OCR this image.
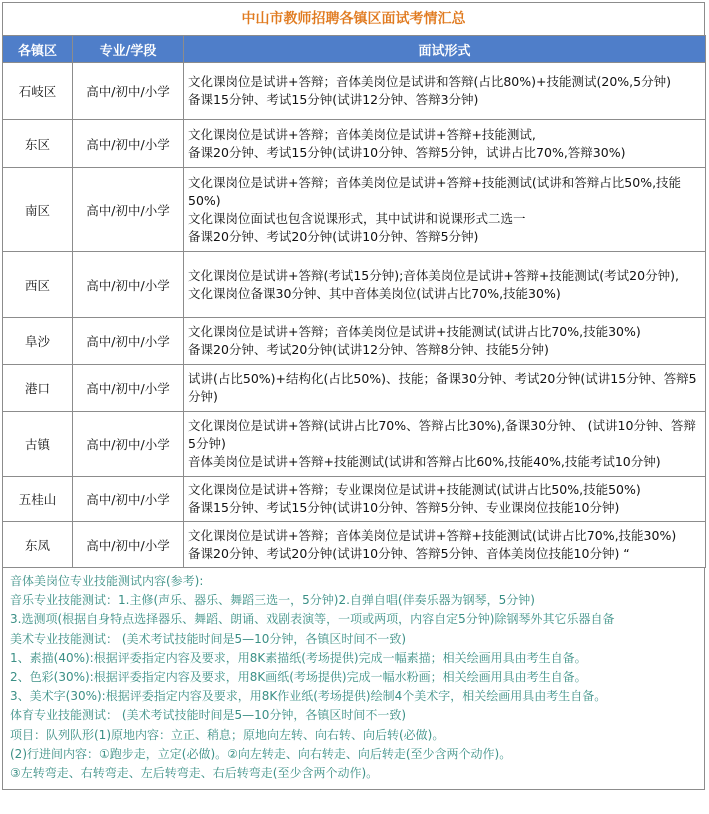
中山市教师招聘各镇区面试考情汇总
各镇区	专业/学段	面试形式
石岐区	高中/初中/小学	文化课岗位是试讲+答辩；音体美岗位是试讲和答辩(占比80%)+技能测试(20%,5分钟)
备课15分钟、考试15分钟(试讲12分钟、答辩3分钟)

东区	高中/初中/小学	文化课岗位是试讲+答辩；音体美岗位是试讲+答辩+技能测试,
备课20分钟、考试15分钟(试讲10分钟、答辩5分钟，试讲占比70%,答辩30%)

南区	高中/初中/小学	文化课岗位是试讲+答辩；音体美岗位是试讲+答辩+技能测试(试讲和答辩占比50%,技能50%)
文化课岗位面试也包含说课形式，其中试讲和说课形式二选一
备课20分钟、考试20分钟(试讲10分钟、答辩5分钟)

西区	高中/初中/小学	文化课岗位是试讲+答辩(考试15分钟);音体美岗位是试讲+答辩+技能测试(考试20分钟),
文化课岗位备课30分钟、其中音体美岗位(试讲占比70%,技能30%)

阜沙	高中/初中/小学	文化课岗位是试讲+答辩；音体美岗位是试讲+技能测试(试讲占比70%,技能30%)
备课20分钟、考试20分钟(试讲12分钟、答辩8分钟、技能5分钟)

港口	高中/初中/小学	试讲(占比50%)+结构化(占比50%)、技能；备课30分钟、考试20分钟(试讲15分钟、答辩5分钟)

古镇	高中/初中/小学	文化课岗位是试讲+答辩(试讲占比70%、答辩占比30%),备课30分钟、 (试讲10分钟、答辩5分钟)
音体美岗位是试讲+答辩+技能测试(试讲和答辩占比60%,技能40%,技能考试10分钟)

五桂山	高中/初中/小学	文化课岗位是试讲+答辩；专业课岗位是试讲+技能测试(试讲占比50%,技能50%)
备课15分钟、考试15分钟(试讲10分钟、答辩5分钟、专业课岗位技能10分钟)

东凤	高中/初中/小学	文化课岗位是试讲+答辩；音体美岗位是试讲+答辩+技能测试(试讲占比70%,技能30%)
备课20分钟、考试20分钟(试讲10分钟、答辩5分钟、音体美岗位技能10分钟) “
音体美岗位专业技能测试内容(参考):
音乐专业技能测试：1.主修(声乐、器乐、舞蹈三选一，5分钟)2.自弹自唱(伴奏乐器为钢琴，5分钟)
3.选测项(根据自身特点选择器乐、舞蹈、朗诵、戏剧表演等，一项或两项，内容自定5分钟)除钢琴外其它乐器自备
美术专业技能测试： (美术考试技能时间是5—10分钟，各镇区时间不一致)
1、素描(40%):根据评委指定内容及要求，用8K素描纸(考场提供)完成一幅素描；相关绘画用具由考生自备。
2、色彩(30%):根据评委指定内容及要求，用8K画纸(考场提供)完成一幅水粉画；相关绘画用具由考生自备。
3、美术字(30%):根据评委指定内容及要求，用8K作业纸(考场提供)绘制4个美术字，相关绘画用具由考生自备。
体育专业技能测试： (美术考试技能时间是5—10分钟，各镇区时间不一致)
项目：队列队形(1)原地内容：立正、稍息；原地向左转、向右转、向后转(必做)。
(2)行进间内容：①跑步走，立定(必做)。②向左转走、向右转走、向后转走(至少含两个动作)。
③左转弯走、右转弯走、左后转弯走、右后转弯走(至少含两个动作)。
